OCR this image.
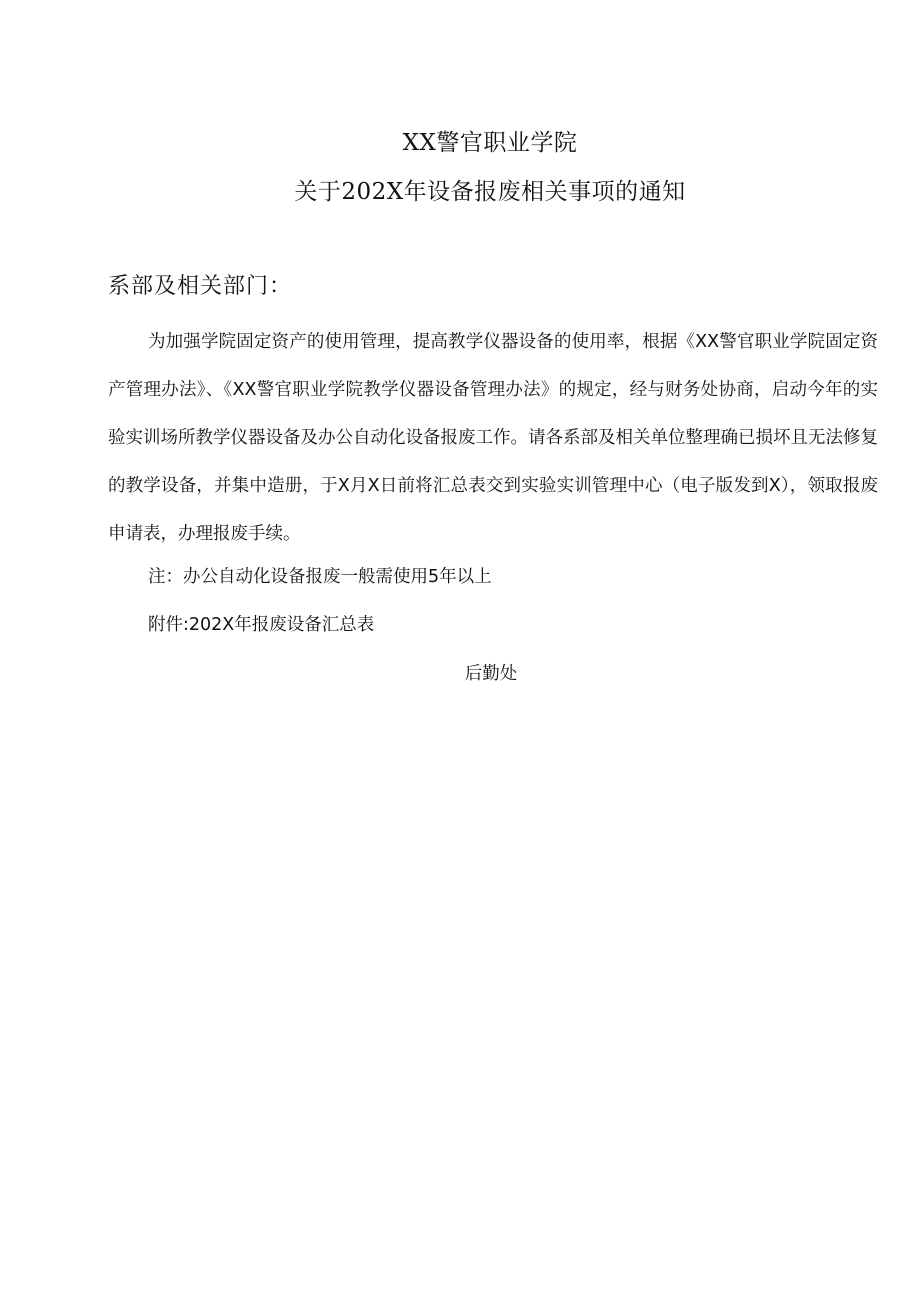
XX警官职业学院
关于202X年设备报废相关事项的通知
系部及相关部门：

为加强学院固定资产的使用管理，提高教学仪器设备的使用率，根据《XX警官职业学院固定资产管理办法》、《XX警官职业学院教学仪器设备管理办法》的规定，经与财务处协商，启动今年的实验实训场所教学仪器设备及办公自动化设备报废工作。请各系部及相关单位整理确已损坏且无法修复的教学设备，并集中造册，于X月X日前将汇总表交到实验实训管理中心（电子版发到X），领取报废申请表，办理报废手续。

注：办公自动化设备报废一般需使用5年以上
附件:202X年报废设备汇总表
后勤处
